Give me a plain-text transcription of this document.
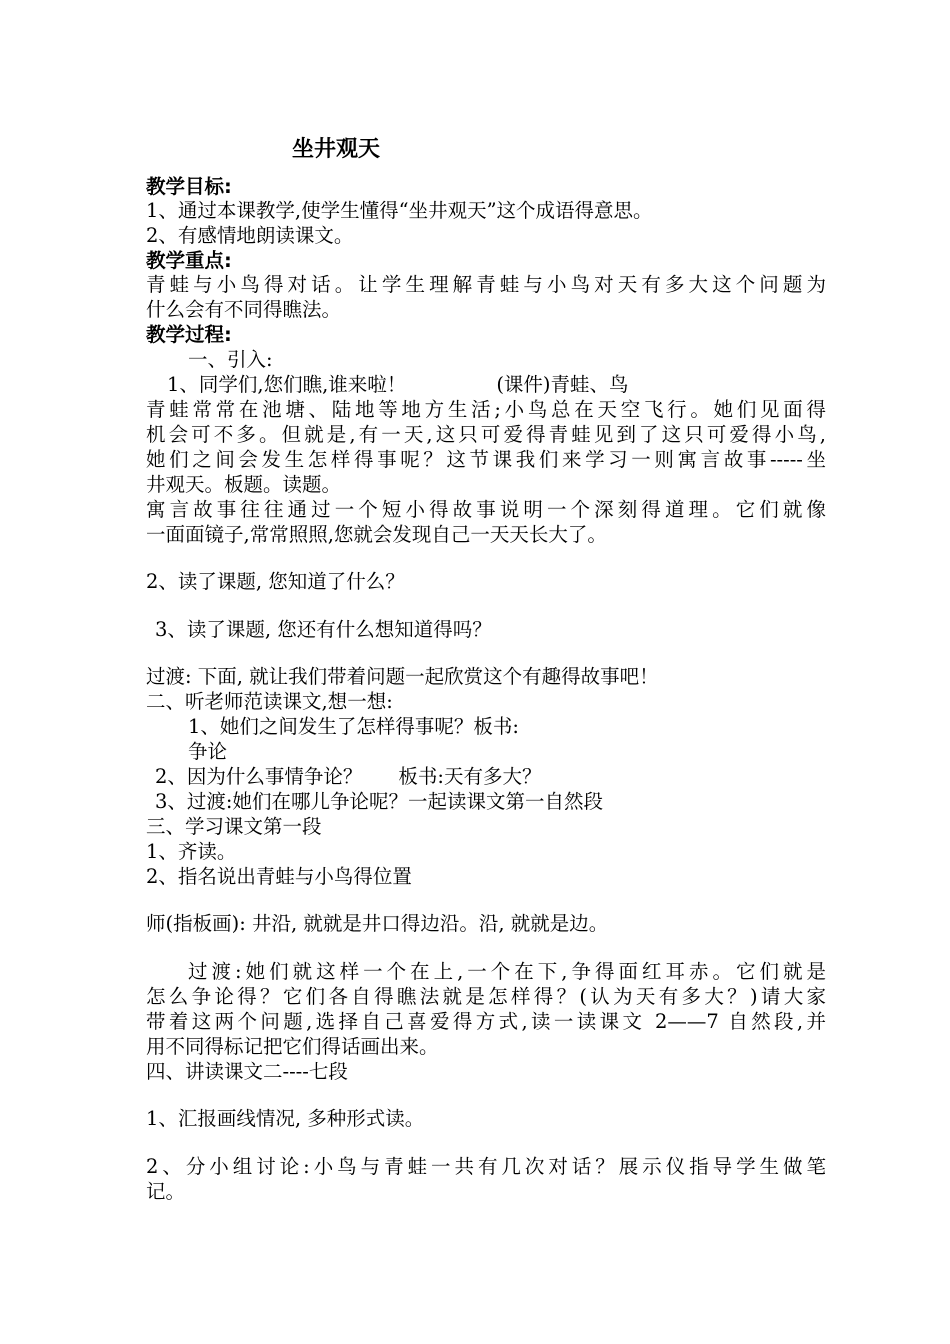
坐井观天
教学目标:
1、通过本课教学,使学生懂得“坐井观天”这个成语得意思。
2、有感情地朗读课文。
教学重点:
青蛙与小鸟得对话。让学生理解青蛙与小鸟对天有多大这个问题为
什么会有不同得瞧法。
教学过程:
一、引入:
1、同学们,您们瞧,谁来啦！	(课件)青蛙、鸟
青蛙常常在池塘、陆地等地方生活;小鸟总在天空飞行。她们见面得
机会可不多。但就是,有一天,这只可爱得青蛙见到了这只可爱得小鸟,
她们之间会发生怎样得事呢？这节课我们来学习一则寓言故事-----坐
井观天。板题。读题。
寓言故事往往通过一个短小得故事说明一个深刻得道理。它们就像
一面面镜子,常常照照,您就会发现自己一天天长大了。
2、读了课题, 您知道了什么？
3、读了课题, 您还有什么想知道得吗？
过渡: 下面, 就让我们带着问题一起欣赏这个有趣得故事吧！
二、听老师范读课文,想一想:
1、她们之间发生了怎样得事呢？板书:
争论
2、因为什么事情争论？ 板书:天有多大？
3、过渡:她们在哪儿争论呢？一起读课文第一自然段
三、学习课文第一段
1、齐读。
2、指名说出青蛙与小鸟得位置
师(指板画): 井沿, 就就是井口得边沿。沿, 就就是边。
过渡:她们就这样一个在上,一个在下,争得面红耳赤。它们就是
怎么争论得？它们各自得瞧法就是怎样得？(认为天有多大？)请大家
带着这两个问题,选择自己喜爱得方式,读一读课文 2——7 自然段,并
用不同得标记把它们得话画出来。
四、讲读课文二----七段
1、汇报画线情况, 多种形式读。
2、分小组讨论:小鸟与青蛙一共有几次对话？展示仪指导学生做笔
记。
